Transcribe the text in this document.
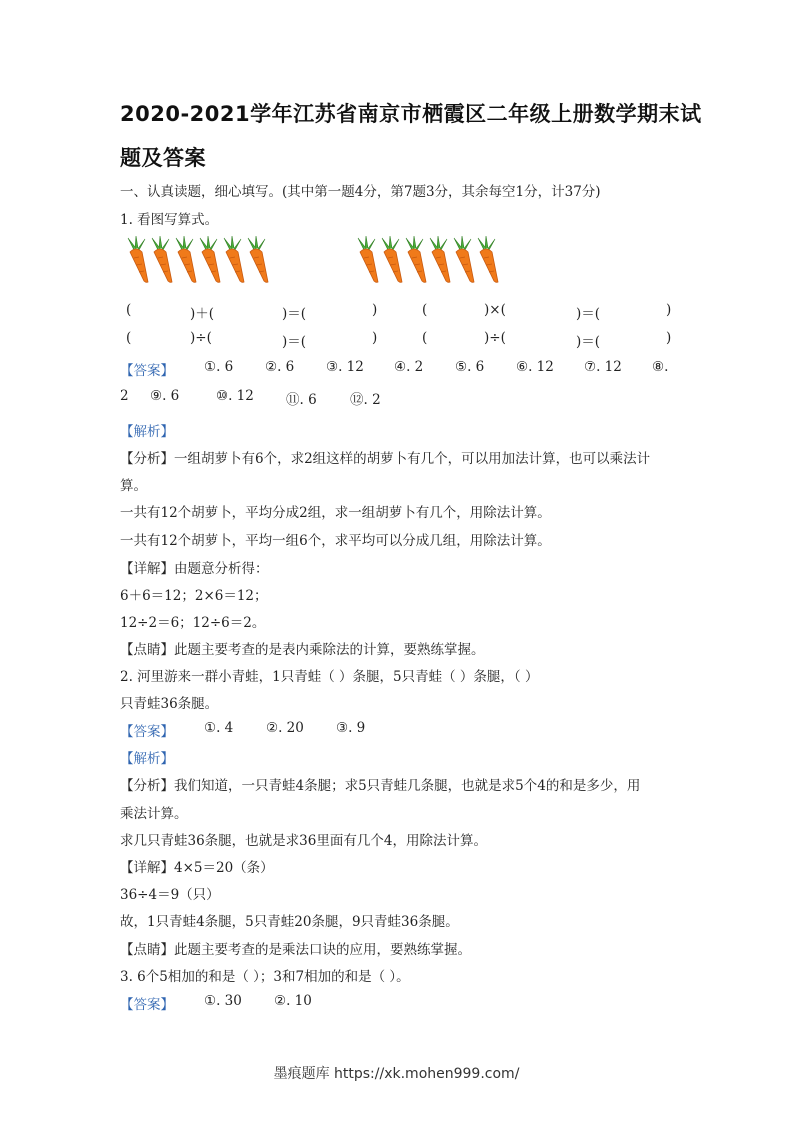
2020-2021学年江苏省南京市栖霞区二年级上册数学期末试
题及答案
一、认真读题，细心填写。(其中第一题4分，第7题3分，其余每空1分，计37分)
1. 看图写算式。
(	)＋(	)＝(	)	(	)×(	)＝(	)
(	)÷(	)＝(	)	(	)÷(	)＝(	)
【答案】 ①. 6 ②. 6 ③. 12 ④. 2 ⑤. 6 ⑥. 12 ⑦. 12 ⑧.
2 ⑨. 6	⑩. 12 ⑪. 6 ⑫. 2
【解析】
【分析】一组胡萝卜有6个，求2组这样的胡萝卜有几个，可以用加法计算，也可以乘法计
算。
一共有12个胡萝卜，平均分成2组，求一组胡萝卜有几个，用除法计算。
一共有12个胡萝卜，平均一组6个，求平均可以分成几组，用除法计算。
【详解】由题意分析得：
6＋6＝12；2×6＝12；
12÷2＝6；12÷6＝2。
【点睛】此题主要考查的是表内乘除法的计算，要熟练掌握。
2. 河里游来一群小青蛙，1只青蛙（ ）条腿，5只青蛙（ ）条腿，（ ）
只青蛙36条腿。
【答案】 ①. 4 ②. 20 ③. 9
【解析】
【分析】我们知道，一只青蛙4条腿；求5只青蛙几条腿，也就是求5个4的和是多少，用
乘法计算。
求几只青蛙36条腿，也就是求36里面有几个4，用除法计算。
【详解】4×5＝20（条）
36÷4＝9（只）
故，1只青蛙4条腿，5只青蛙20条腿，9只青蛙36条腿。
【点睛】此题主要考查的是乘法口诀的应用，要熟练掌握。
3. 6个5相加的和是（ ）；3和7相加的和是（ ）。
【答案】 ①. 30 ②. 10
墨痕题库 https://xk.mohen999.com/
